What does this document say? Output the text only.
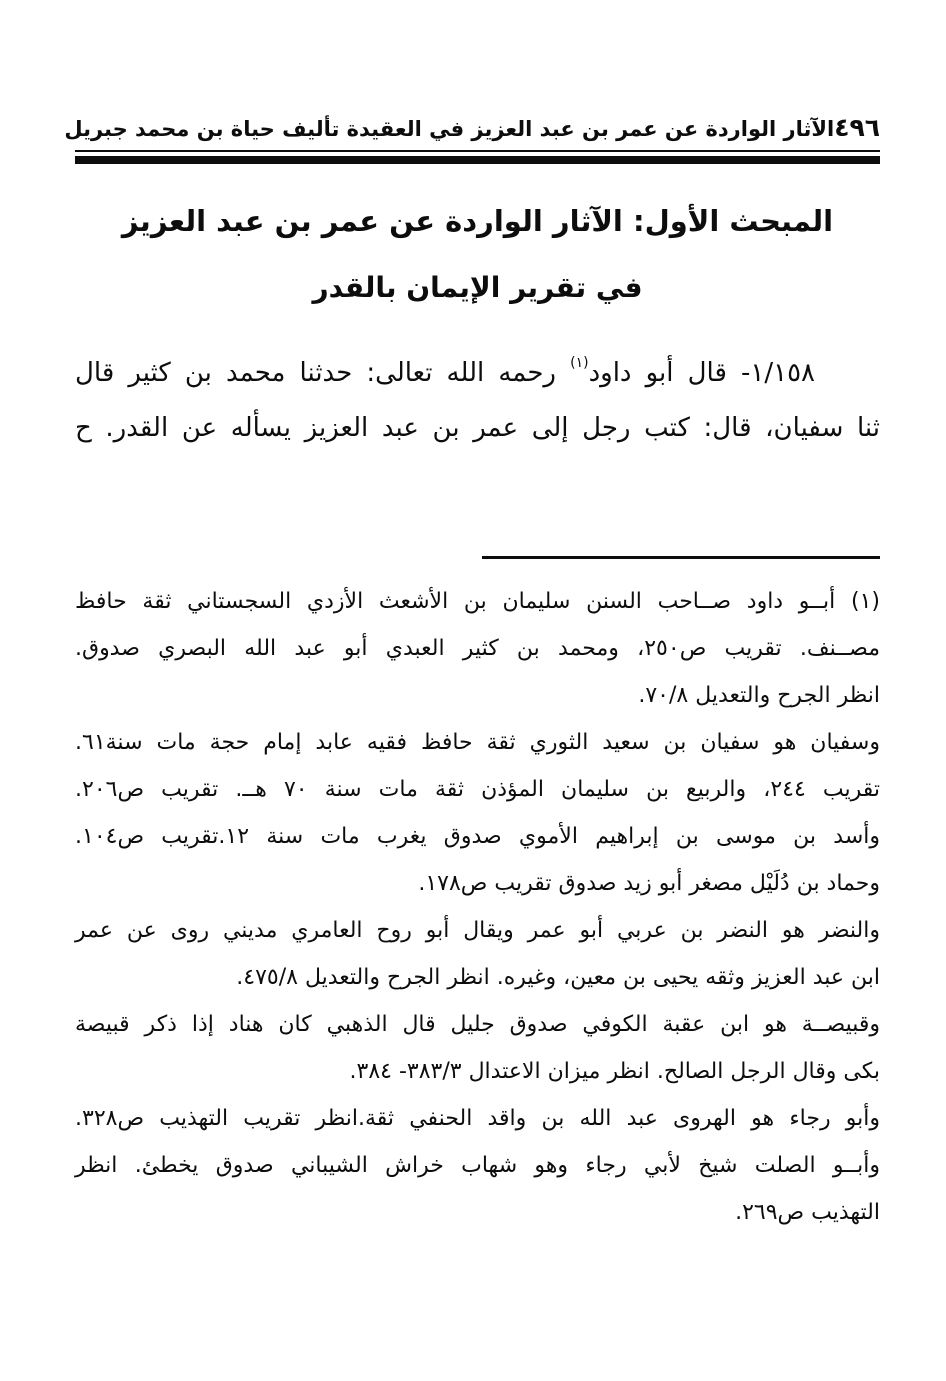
٤٩٦
الآثار الواردة عن عمر بن عبد العزيز في العقيدة تأليف حياة بن محمد جبريل
المبحث الأول: الآثار الواردة عن عمر بن عبد العزيز
في تقرير الإيمان بالقدر
١/١٥٨- قال أبو داود$^{(١)}$ رحمه الله تعالى: حدثنا محمد بن كثير قال
ثنا سفيان، قال: كتب رجل إلى عمر بن عبد العزيز يسأله عن القدر. ح
(١) أبــو داود صــاحب السنن سليمان بن الأشعث الأزدي السجستاني ثقة حافظ
مصــنف. تقريب ص٢٥٠، ومحمد بن كثير العبدي أبو عبد الله البصري صدوق.
انظر الجرح والتعديل ٧٠/٨.
وسفيان هو سفيان بن سعيد الثوري ثقة حافظ فقيه عابد إمام حجة مات سنة٦١.
تقريب ٢٤٤، والربيع بن سليمان المؤذن ثقة مات سنة ٧٠ هــ. تقريب ص٢٠٦.
وأسد بن موسى بن إبراهيم الأموي صدوق يغرب مات سنة ١٢.تقريب ص١٠٤.
وحماد بن دُلَيْل مصغر أبو زيد صدوق تقريب ص١٧٨.
والنضر هو النضر بن عربي أبو عمر ويقال أبو روح العامري مديني روى عن عمر
ابن عبد العزيز وثقه يحيى بن معين، وغيره. انظر الجرح والتعديل ٤٧٥/٨.
وقبيصــة هو ابن عقبة الكوفي صدوق جليل قال الذهبي كان هناد إذا ذكر قبيصة
بكى وقال الرجل الصالح. انظر ميزان الاعتدال ٣٨٣/٣- ٣٨٤.
وأبو رجاء هو الهروى عبد الله بن واقد الحنفي ثقة.انظر تقريب التهذيب ص٣٢٨.
وأبــو الصلت شيخ لأبي رجاء وهو شهاب خراش الشيباني صدوق يخطئ. انظر
التهذيب ص٢٦٩.
